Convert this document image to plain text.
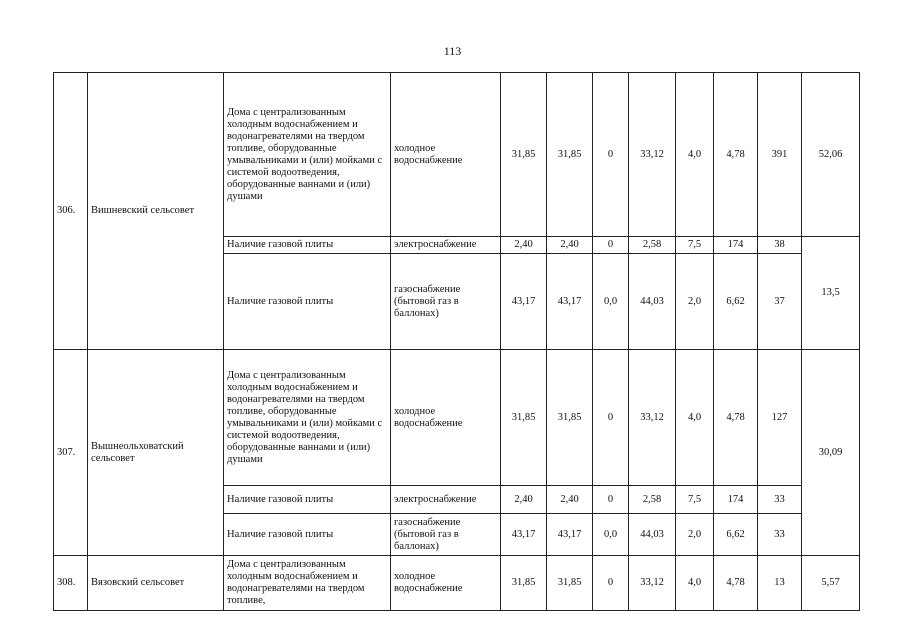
113
306.	Вишневский сельсовет	Дома с централизованным холодным водоснабжением и водонагревателями на твердом топливе, оборудованные умывальниками и (или) мойками с системой водоотведения, оборудованные ваннами и (или) душами	холодное водоснабжение	31,85	31,85	0	33,12	4,0	4,78	391	52,06
		Наличие газовой плиты	электроснабжение	2,40	2,40	0	2,58	7,5	174	38	13,5
		Наличие газовой плиты	газоснабжение (бытовой газ в баллонах)	43,17	43,17	0,0	44,03	2,0	6,62	37	
307.	Вышнеольховатский сельсовет	Дома с централизованным холодным водоснабжением и водонагревателями на твердом топливе, оборудованные умывальниками и (или) мойками с системой водоотведения, оборудованные ваннами и (или) душами	холодное водоснабжение	31,85	31,85	0	33,12	4,0	4,78	127	30,09
		Наличие газовой плиты	электроснабжение	2,40	2,40	0	2,58	7,5	174	33	
		Наличие газовой плиты	газоснабжение (бытовой газ в баллонах)	43,17	43,17	0,0	44,03	2,0	6,62	33	
308.	Вязовский сельсовет	Дома с централизованным холодным водоснабжением и водонагревателями на твердом топливе,	холодное водоснабжение	31,85	31,85	0	33,12	4,0	4,78	13	5,57
